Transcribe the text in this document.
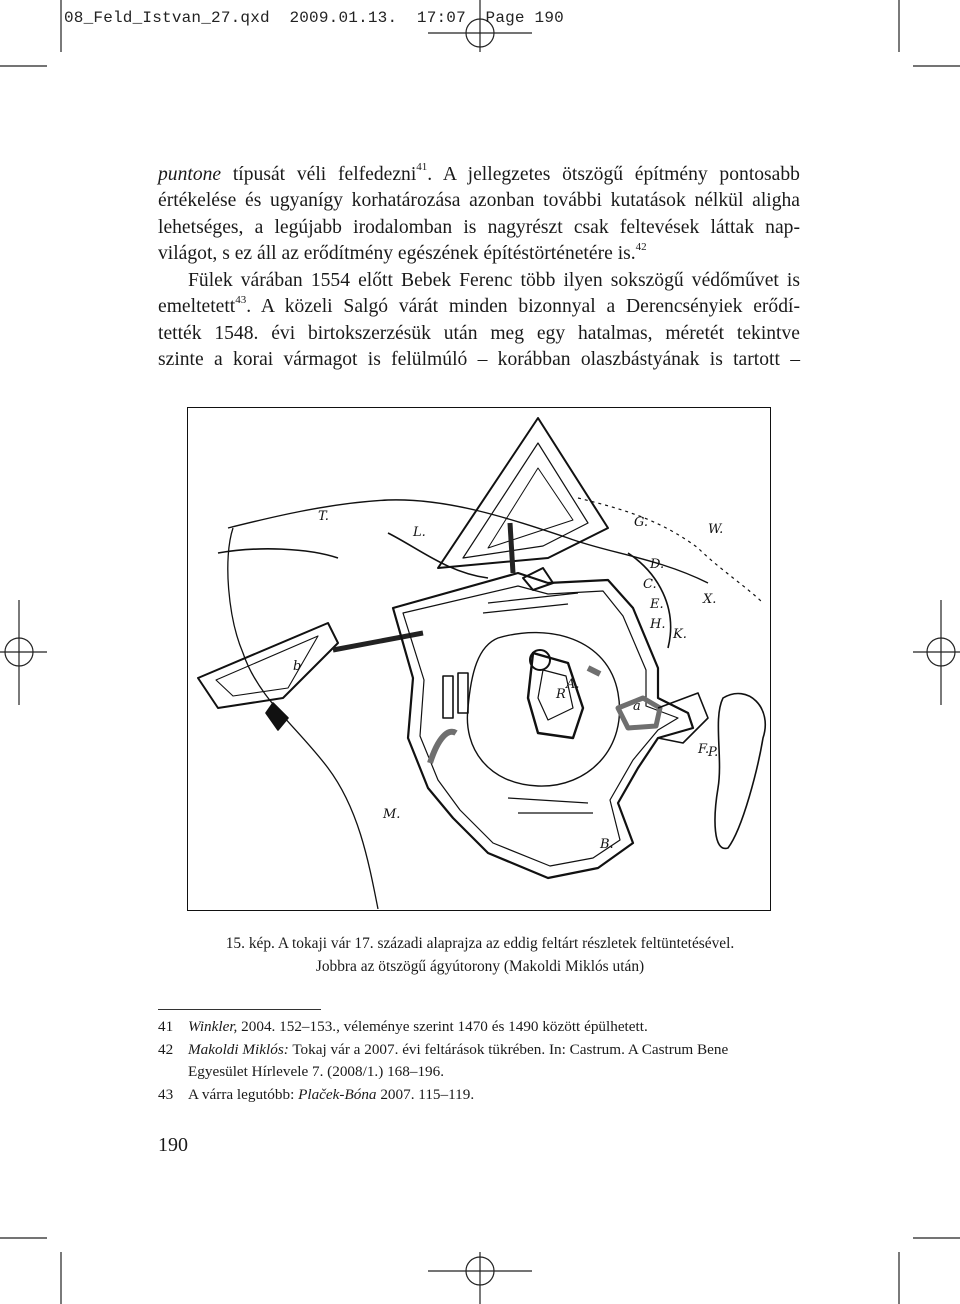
08_Feld_Istvan_27.qxd 2009.01.13. 17:07 Page 190
puntone típusát véli felfedezni$^{41}$. A jellegzetes ötszögű építmény pontosabb
értékelése és ugyanígy korhatározása azonban további kutatások nélkül aligha
lehetséges, a legújabb irodalomban is nagyrészt csak feltevések láttak nap-
világot, s ez áll az erődítmény egészének építéstörténetére is.$^{42}$
Fülek várában 1554 előtt Bebek Ferenc több ilyen sokszögű védőművet is
emeltetett$^{43}$. A közeli Salgó várát minden bizonnyal a Derencsényiek erődí-
tették 1548. évi birtokszerzésük után meg egy hatalmas, méretét tekintve
szinte a korai vármagot is felülmúló – korábban olaszbástyának is tartott –
T.
L.
A.
B.
C.
D.
E.
F.
G.
H.
K.
M.
P.
W.
X.
R
a
b
15. kép. A tokaji vár 17. századi alaprajza az eddig feltárt részletek feltüntetésével.
Jobbra az ötszögű ágyútorony (Makoldi Miklós után)
41 Winkler, 2004. 152–153., véleménye szerint 1470 és 1490 között épülhetett.
42 Makoldi Miklós: Tokaj vár a 2007. évi feltárások tükrében. In: Castrum. A Castrum Bene
Egyesület Hírlevele 7. (2008/1.) 168–196.
43 A várra legutóbb: Plaček-Bóna 2007. 115–119.
190
